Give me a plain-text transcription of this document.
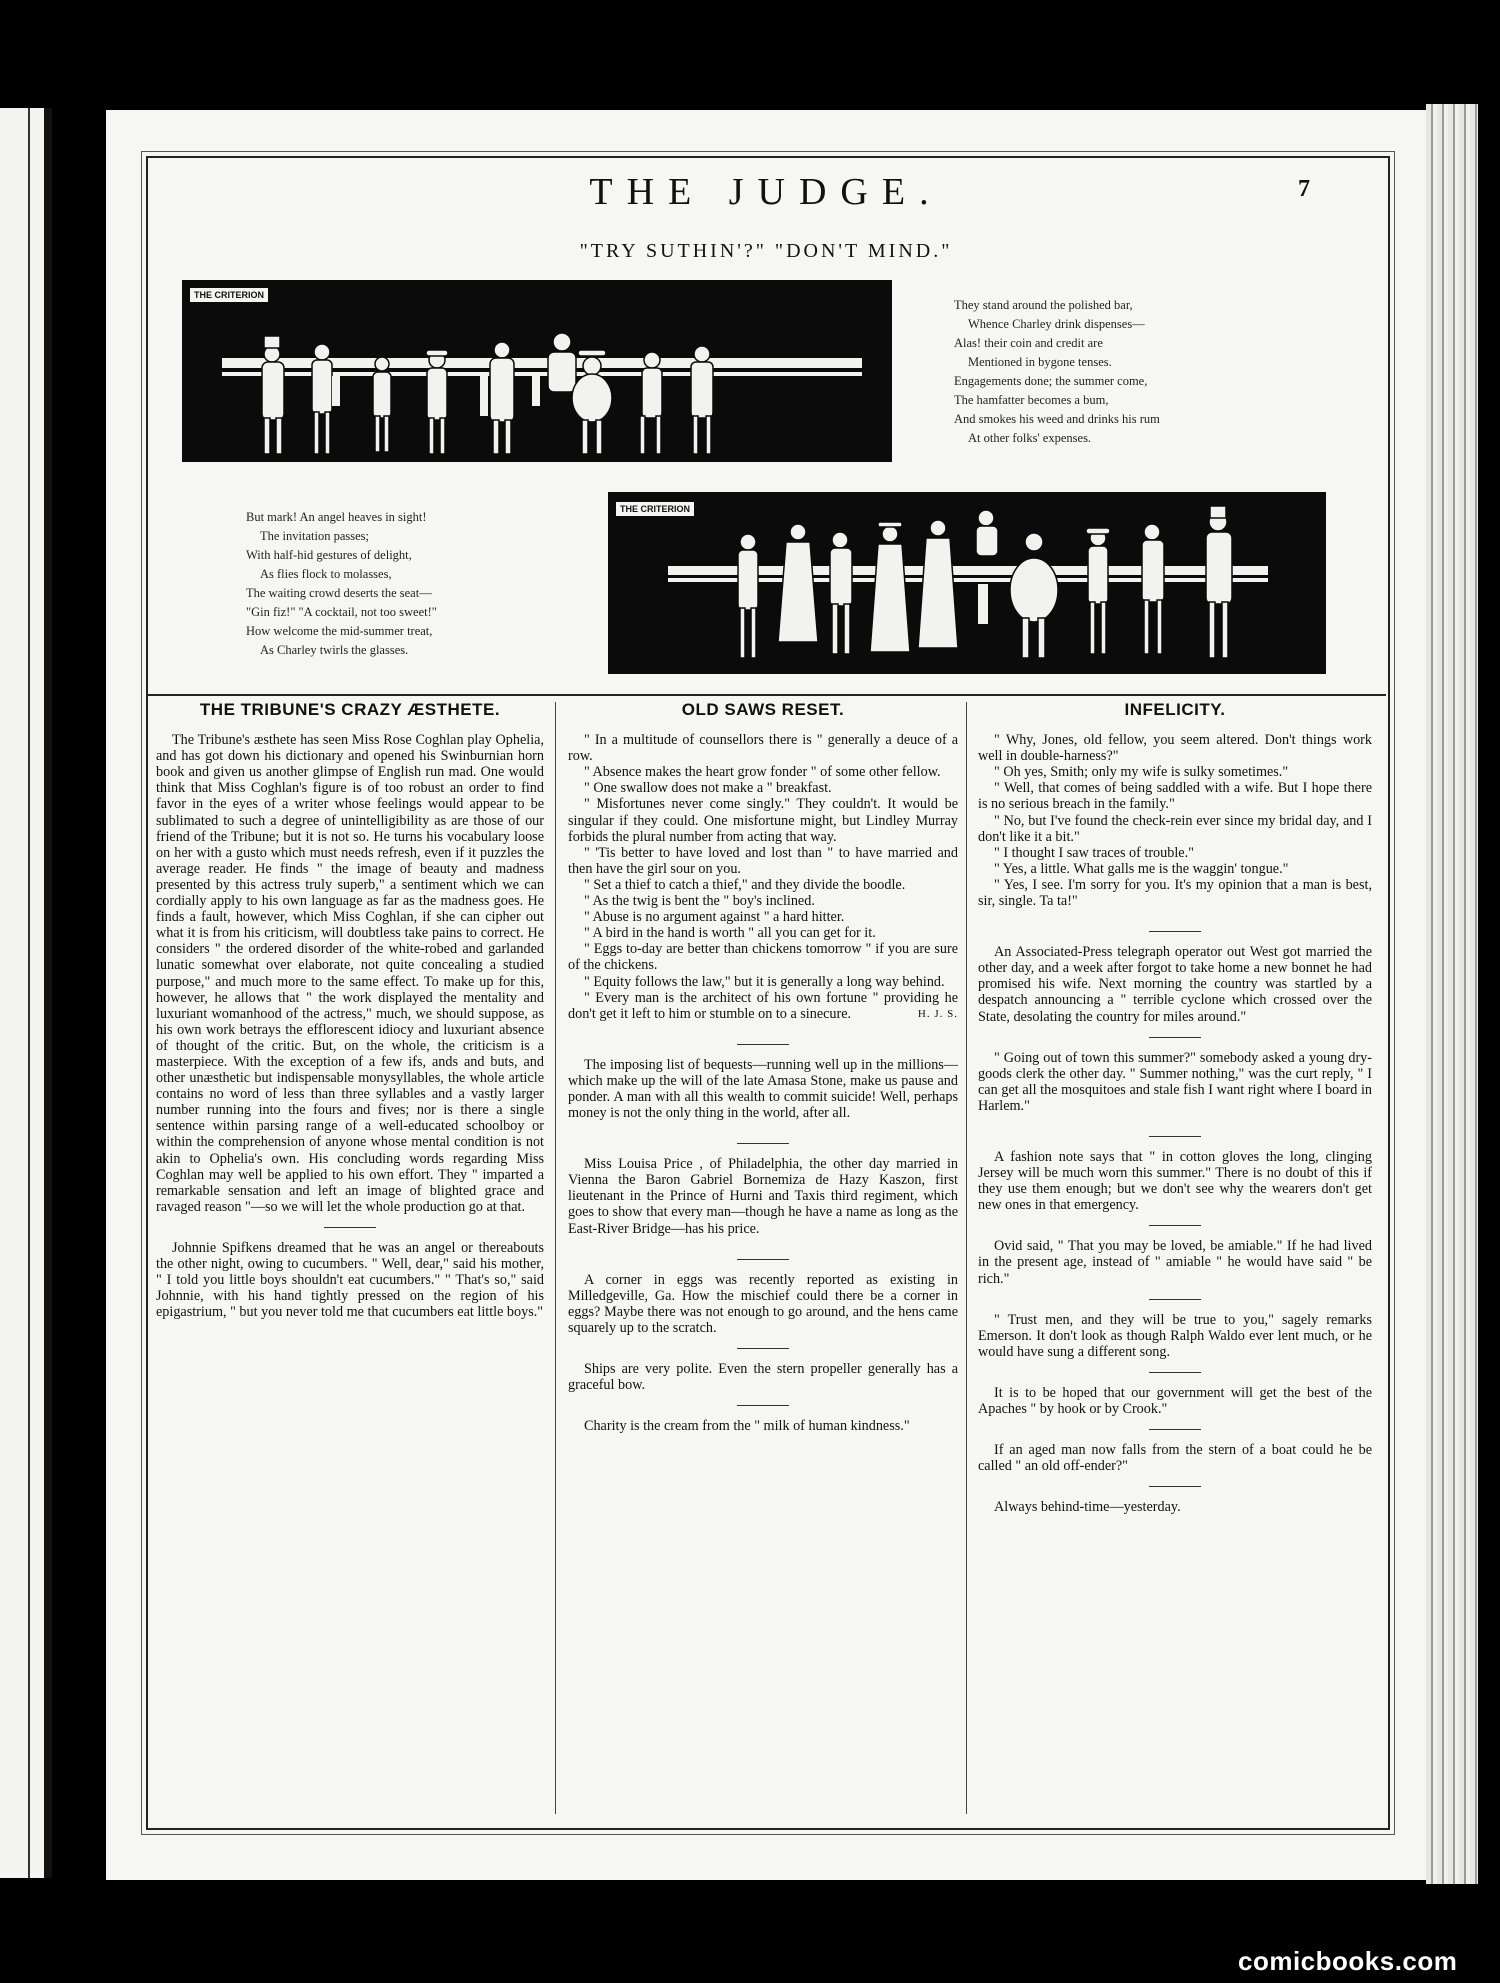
THE JUDGE.	7
"TRY SUTHIN'?" "DON'T MIND."
THE CRITERION
They stand around the polished bar,
Whence Charley drink dispenses—
Alas! their coin and credit are
Mentioned in bygone tenses.
Engagements done; the summer come,
The hamfatter becomes a bum,
And smokes his weed and drinks his rum
At other folks' expenses.
But mark! An angel heaves in sight!
The invitation passes;
With half-hid gestures of delight,
As flies flock to molasses,
The waiting crowd deserts the seat—
"Gin fiz!" "A cocktail, not too sweet!"
How welcome the mid-summer treat,
As Charley twirls the glasses.
THE CRITERION
THE TRIBUNE'S CRAZY ÆSTHETE.

The Tribune's æsthete has seen Miss Rose Coghlan play Ophelia, and has got down his dictionary and opened his Swinburnian horn book and given us another glimpse of English run mad. One would think that Miss Coghlan's figure is of too robust an order to find favor in the eyes of a writer whose feelings would appear to be sublimated to such a degree of unintelligibility as are those of our friend of the Tribune; but it is not so. He turns his vocabulary loose on her with a gusto which must needs refresh, even if it puzzles the average reader. He finds " the image of beauty and madness presented by this actress truly superb," a sentiment which we can cordially apply to his own language as far as the madness goes. He finds a fault, however, which Miss Coghlan, if she can cipher out what it is from his criticism, will doubtless take pains to correct. He considers " the ordered disorder of the white-robed and garlanded lunatic somewhat over elaborate, not quite concealing a studied purpose," and much more to the same effect. To make up for this, however, he allows that " the work displayed the mentality and luxuriant womanhood of the actress," much, we should suppose, as his own work betrays the efflorescent idiocy and luxuriant absence of thought of the critic. But, on the whole, the criticism is a masterpiece. With the exception of a few ifs, ands and buts, and other unæsthetic but indispensable monysyllables, the whole article contains no word of less than three syllables and a vastly larger number running into the fours and fives; nor is there a single sentence within parsing range of a well-educated schoolboy or within the comprehension of anyone whose mental condition is not akin to Ophelia's own. His concluding words regarding Miss Coghlan may well be applied to his own effort. They " imparted a remarkable sensation and left an image of blighted grace and ravaged reason "—so we will let the whole production go at that.

Johnnie Spifkens dreamed that he was an angel or thereabouts the other night, owing to cucumbers. " Well, dear," said his mother, " I told you little boys shouldn't eat cucumbers." " That's so," said Johnnie, with his hand tightly pressed on the region of his epigastrium, " but you never told me that cucumbers eat little boys."

OLD SAWS RESET.

" In a multitude of counsellors there is " generally a deuce of a row.

" Absence makes the heart grow fonder " of some other fellow.

" One swallow does not make a " breakfast.

" Misfortunes never come singly." They couldn't. It would be singular if they could. One misfortune might, but Lindley Murray forbids the plural number from acting that way.

" 'Tis better to have loved and lost than " to have married and then have the girl sour on you.

" Set a thief to catch a thief," and they divide the boodle.

" As the twig is bent the " boy's inclined.

" Abuse is no argument against " a hard hitter.

" A bird in the hand is worth " all you can get for it.

" Eggs to-day are better than chickens tomorrow " if you are sure of the chickens.

" Equity follows the law," but it is generally a long way behind.

" Every man is the architect of his own fortune " providing he don't get it left to him or stumble on to a sinecure.	H. J. S.

The imposing list of bequests—running well up in the millions—which make up the will of the late Amasa Stone, make us pause and ponder. A man with all this wealth to commit suicide! Well, perhaps money is not the only thing in the world, after all.

Miss Louisa Price , of Philadelphia, the other day married in Vienna the Baron Gabriel Bornemiza de Hazy Kaszon, first lieutenant in the Prince of Hurni and Taxis third regiment, which goes to show that every man—though he have a name as long as the East-River Bridge—has his price.

A corner in eggs was recently reported as existing in Milledgeville, Ga. How the mischief could there be a corner in eggs? Maybe there was not enough to go around, and the hens came squarely up to the scratch.

Ships are very polite. Even the stern propeller generally has a graceful bow.

Charity is the cream from the " milk of human kindness."

INFELICITY.

" Why, Jones, old fellow, you seem altered. Don't things work well in double-harness?"

" Oh yes, Smith; only my wife is sulky sometimes."

" Well, that comes of being saddled with a wife. But I hope there is no serious breach in the family."

" No, but I've found the check-rein ever since my bridal day, and I don't like it a bit."

" I thought I saw traces of trouble."

" Yes, a little. What galls me is the waggin' tongue."

" Yes, I see. I'm sorry for you. It's my opinion that a man is best, sir, single. Ta ta!"

An Associated-Press telegraph operator out West got married the other day, and a week after forgot to take home a new bonnet he had promised his wife. Next morning the country was startled by a despatch announcing a " terrible cyclone which crossed over the State, desolating the country for miles around."

" Going out of town this summer?" somebody asked a young dry-goods clerk the other day. " Summer nothing," was the curt reply, " I can get all the mosquitoes and stale fish I want right where I board in Harlem."

A fashion note says that " in cotton gloves the long, clinging Jersey will be much worn this summer." There is no doubt of this if they use them enough; but we don't see why the wearers don't get new ones in that emergency.

Ovid said, " That you may be loved, be amiable." If he had lived in the present age, instead of " amiable " he would have said " be rich."

" Trust men, and they will be true to you," sagely remarks Emerson. It don't look as though Ralph Waldo ever lent much, or he would have sung a different song.

It is to be hoped that our government will get the best of the Apaches " by hook or by Crook."

If an aged man now falls from the stern of a boat could he be called " an old off-ender?"

Always behind-time—yesterday.

comicbooks.com
